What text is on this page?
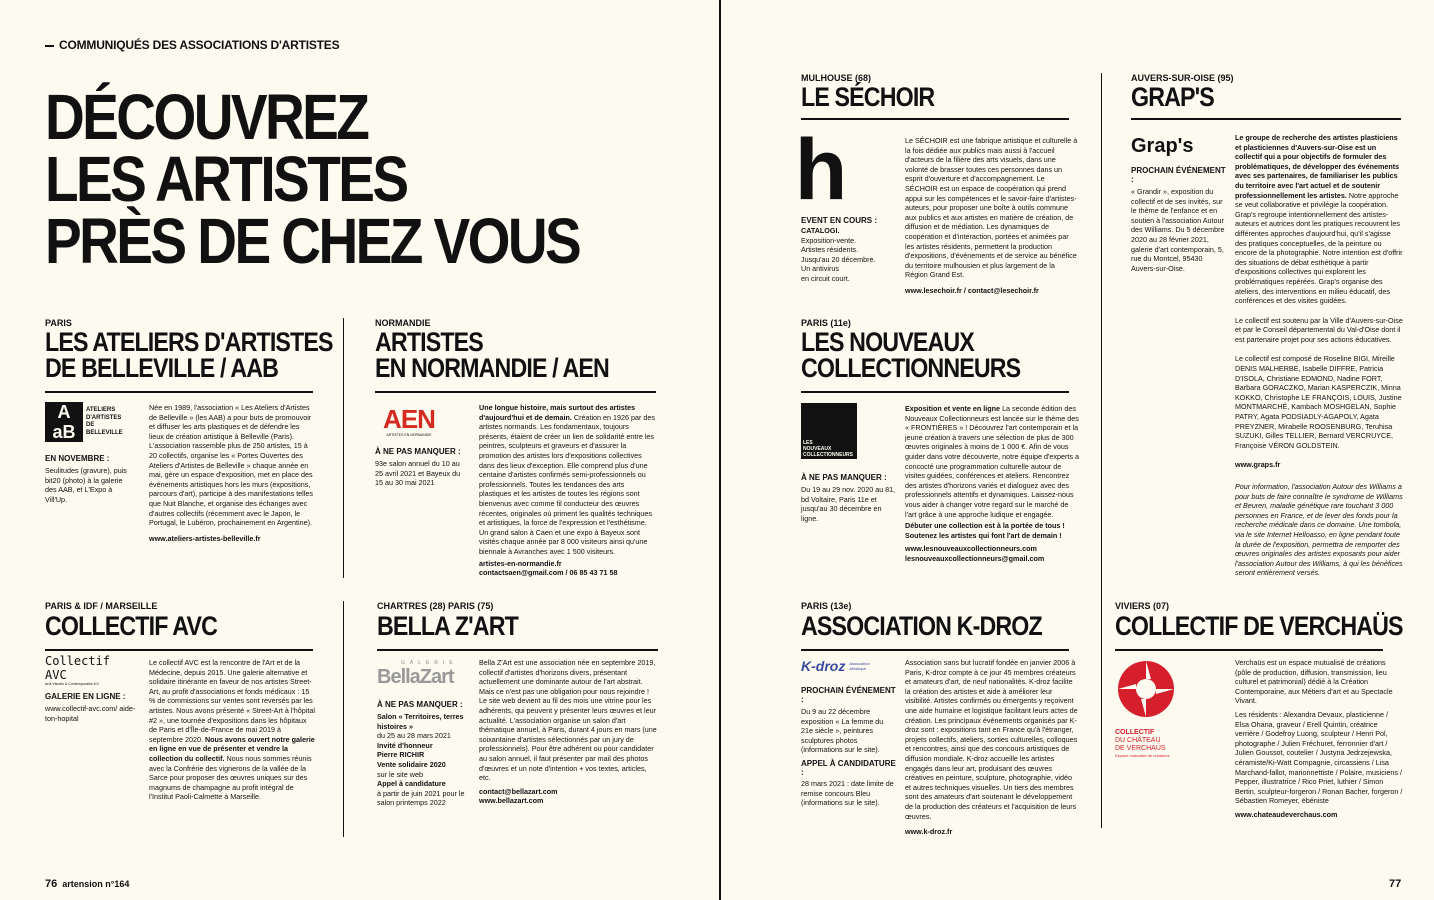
COMMUNIQUÉS DES ASSOCIATIONS D'ARTISTES
DÉCOUVREZ
LES ARTISTES
PRÈS DE CHEZ VOUS
PARIS
LES ATELIERS D'ARTISTES
DE BELLEVILLE / AAB
A
aB
ATELIERS
D'ARTISTES
DE
BELLEVILLE
EN NOVEMBRE :
Seulitudes (gravure), puis bit20 (photo) à la galerie des AAB, et L'Expo à Vill'Up.
Née en 1989, l'association « Les Ateliers d'Artistes de Belleville » (les AAB) a pour buts de promouvoir et diffuser les arts plastiques et de défendre les lieux de création artistique à Belleville (Paris). L'association rassemble plus de 250 artistes, 15 à 20 collectifs, organise les « Portes Ouvertes des Ateliers d'Artistes de Belleville » chaque année en mai, gère un espace d'exposition, met en place des événements artistiques hors les murs (expositions, parcours d'art), participe à des manifestations telles que Nuit Blanche, et organise des échanges avec d'autres collectifs (récemment avec le Japon, le Portugal, le Lubéron, prochainement en Argentine).
www.ateliers-artistes-belleville.fr
NORMANDIE
ARTISTES
EN NORMANDIE / AEN
AEN
ARTISTES EN NORMANDIE
À NE PAS MANQUER :
93e salon annuel du 10 au 25 avril 2021 et Bayeux du 15 au 30 mai 2021
Une longue histoire, mais surtout des artistes d'aujourd'hui et de demain. Création en 1926 par des artistes normands. Les fondamentaux, toujours présents, étaient de créer un lien de solidarité entre les peintres, sculpteurs et graveurs et d'assurer la promotion des artistes lors d'expositions collectives dans des lieux d'exception. Elle comprend plus d'une centaine d'artistes confirmés semi-professionnels ou professionnels. Toutes les tendances des arts plastiques et les artistes de toutes les régions sont bienvenus avec comme fil conducteur des œuvres récentes, originales où priment les qualités techniques et artistiques, la force de l'expression et l'esthétisme. Un grand salon à Caen et une expo à Bayeux sont visités chaque année par 8 000 visiteurs ainsi qu'une biennale à Avranches avec 1 500 visiteurs.
artistes-en-normandie.fr
contactsaen@gmail.com / 06 85 43 71 58
PARIS & IDF / MARSEILLE
COLLECTIF AVC
Collectif AVC
Arts Visuels & Contemporains 6.0
GALERIE EN LIGNE :
www.collectif-avc.com/ aide-ton-hopital
Le collectif AVC est la rencontre de l'Art et de la Médecine, depuis 2015. Une galerie alternative et solidaire itinérante en faveur de nos artistes Street-Art, au profit d'associations et fonds médicaux : 15 % de commissions sur ventes sont reversés par les artistes. Nous avons présenté « Street-Art à l'hôpital #2 », une tournée d'expositions dans les hôpitaux de Paris et d'Île-de-France de mai 2019 à septembre 2020. Nous avons ouvert notre galerie en ligne en vue de présenter et vendre la collection du collectif. Nous nous sommes réunis avec la Confrérie des vignerons de la vallée de la Sarce pour proposer des œuvres uniques sur des magnums de champagne au profit intégral de l'Institut Paoli-Calmette à Marseille.
CHARTRES (28) PARIS (75)
BELLA Z'ART
GALERIE
BellaZart
À NE PAS MANQUER :
Salon « Territoires, terres histoires »
du 25 au 28 mars 2021
Invité d'honneur
Pierre RICHIR
Vente solidaire 2020
sur le site web
Appel à candidature
à partir de juin 2021 pour le salon printemps 2022
Bella Z'Art est une association née en septembre 2019, collectif d'artistes d'horizons divers, présentant actuellement une dominante autour de l'art abstrait. Mais ce n'est pas une obligation pour nous rejoindre ! Le site web devient au fil des mois une vitrine pour les adhérents, qui peuvent y présenter leurs œuvres et leur actualité. L'association organise un salon d'art thématique annuel, à Paris, durant 4 jours en mars (une soixantaine d'artistes sélectionnés par un jury de professionnels). Pour être adhérent ou pour candidater au salon annuel, il faut présenter par mail des photos d'œuvres et un note d'intention + vos textes, articles, etc.
contact@bellazart.com
www.bellazart.com
76 artension n°164
MULHOUSE (68)
LE SÉCHOIR
h
EVENT EN COURS :
CATALOGI.
Exposition-vente.
Artistes résidents.
Jusqu'au 20 décembre.
Un antivirus
en circuit court.
Le SÉCHOIR est une fabrique artistique et culturelle à la fois dédiée aux publics mais aussi à l'accueil d'acteurs de la filière des arts visuels, dans une volonté de brasser toutes ces personnes dans un esprit d'ouverture et d'accompagnement. Le SÉCHOIR est un espace de coopération qui prend appui sur les compétences et le savoir-faire d'artistes-auteurs, pour proposer une boîte à outils commune aux publics et aux artistes en matière de création, de diffusion et de médiation. Les dynamiques de coopération et d'interaction, portées et animées par les artistes résidents, permettent la production d'expositions, d'événements et de service au bénéfice du territoire mulhousien et plus largement de la Région Grand Est.
www.lesechoir.fr / contact@lesechoir.fr
AUVERS-SUR-OISE (95)
GRAP'S
Grap's
PROCHAIN ÉVÉNEMENT :
« Grandir », exposition du collectif et de ses invités, sur le thème de l'enfance et en soutien à l'association Autour des Williams. Du 5 décembre 2020 au 28 février 2021, galerie d'art contemporain, 5, rue du Montcel, 95430 Auvers-sur-Oise.
Le groupe de recherche des artistes plasticiens et plasticiennes d'Auvers-sur-Oise est un collectif qui a pour objectifs de formuler des problématiques, de développer des événements avec ses partenaires, de familiariser les publics du territoire avec l'art actuel et de soutenir professionnellement les artistes. Notre approche se veut collaborative et privilégie la coopération. Grap's regroupe intentionnellement des artistes-auteurs et autrices dont les pratiques recouvrent les différentes approches d'aujourd'hui, qu'il s'agisse des pratiques conceptuelles, de la peinture ou encore de la photographie. Notre intention est d'offrir des situations de débat esthétique à partir d'expositions collectives qui explorent les problématiques repérées. Grap's organise des ateliers, des interventions en milieu éducatif, des conférences et des visites guidées.
Le collectif est soutenu par la Ville d'Auvers-sur-Oise et par le Conseil départemental du Val-d'Oise dont il est partenaire projet pour ses actions éducatives.
Le collectif est composé de Roseline BIGI, Mireille DENIS MALHERBE, Isabelle DIFFRE, Patricia D'ISOLA, Christiane EDMOND, Nadine FORT, Barbara GORACZKO, Marian KASPERCZIK, Minna KOKKO, Christophe LE FRANÇOIS, LOUIS, Justine MONTMARCHÉ, Kambach MOSHGELAN, Sophie PATRY, Agata PODSIADLY-AGAPOLY, Agata PREYZNER, Mirabelle ROOSENBURG, Teruhisa SUZUKI, Gilles TELLIER, Bernard VERCRUYCE, Françoise VÉRON GOLDSTEIN.
www.graps.fr
Pour information, l'association Autour des Williams a pour buts de faire connaître le syndrome de Williams et Beuren, maladie génétique rare touchant 3 000 personnes en France, et de lever des fonds pour la recherche médicale dans ce domaine. Une tombola, via le site Internet Helloasso, en ligne pendant toute la durée de l'exposition, permettra de remporter des œuvres originales des artistes exposants pour aider l'association Autour des Williams, à qui les bénéfices seront entièrement versés.
PARIS (11e)
LES NOUVEAUX
COLLECTIONNEURS
LES
NOUVEAUX
COLLECTIONNEURS
À NE PAS MANQUER :
Du 19 au 29 nov. 2020 au 81, bd Voltaire, Paris 11e et jusqu'au 30 décembre en ligne.
Exposition et vente en ligne La seconde édition des Nouveaux Collectionneurs est lancée sur le thème des « FRONTIÈRES » ! Découvrez l'art contemporain et la jeune création à travers une sélection de plus de 300 œuvres originales à moins de 1 000 €. Afin de vous guider dans votre découverte, notre équipe d'experts a concocté une programmation culturelle autour de visites guidées, conférences et ateliers. Rencontrez des artistes d'horizons variés et dialoguez avec des professionnels attentifs et dynamiques. Laissez-nous vous aider à changer votre regard sur le marché de l'art grâce à une approche ludique et engagée.
Débuter une collection est à la portée de tous ! Soutenez les artistes qui font l'art de demain !
www.lesnouveauxcollectionneurs.com
lesnouveauxcollectionneurs@gmail.com
PARIS (13e)
ASSOCIATION K-DROZ
K-droz Association Artistique
PROCHAIN ÉVÉNEMENT :
Du 9 au 22 décembre exposition « La femme du 21e siècle », peintures sculptures photos (informations sur le site).
APPEL À CANDIDATURE :
28 mars 2021 : date limite de remise concours Bleu (informations sur le site).
Association sans but lucratif fondée en janvier 2006 à Paris, K-droz compte à ce jour 45 membres créateurs et amateurs d'art, de neuf nationalités. K-droz facilite la création des artistes et aide à améliorer leur visibilité. Artistes confirmés ou émergents y reçoivent une aide humaine et logistique facilitant leurs actes de création. Les principaux événements organisés par K-droz sont : expositions tant en France qu'à l'étranger, projets collectifs, ateliers, sorties culturelles, colloques et rencontres, ainsi que des concours artistiques de diffusion mondiale. K-droz accueille les artistes engagés dans leur art, produisant des œuvres créatives en peinture, sculpture, photographie, vidéo et autres techniques visuelles. Un tiers des membres sont des amateurs d'art soutenant le développement de la production des créateurs et l'acquisition de leurs œuvres.
www.k-droz.fr
VIVIERS (07)
COLLECTIF DE VERCHAÜS
COLLECTIF
DU CHÂTEAU
DE VERCHAÜS
Espace mutualisé de créations
Verchaüs est un espace mutualisé de créations (pôle de production, diffusion, transmission, lieu culturel et patrimonial) dédié à la Création Contemporaine, aux Métiers d'art et au Spectacle Vivant.
Les résidents : Alexandra Devaux, plasticienne / Elsa Ohana, graveur / Erell Quintin, créatrice verrière / Godefroy Luong, sculpteur / Henri Pol, photographe / Julien Fréchuret, ferronnier d'art / Julien Goussot, coutelier / Justyna Jedrzejewska, céramiste/Ki-Watt Compagnie, circassiens / Lisa Marchand-fallot, marionnettiste / Polaire, musiciens / Pepper, illustratrice / Rico Priet, luthier / Simon Bertin, sculpteur-forgeron / Ronan Bacher, forgeron / Sébastien Romeyer, ébéniste
www.chateaudeverchaus.com
77
